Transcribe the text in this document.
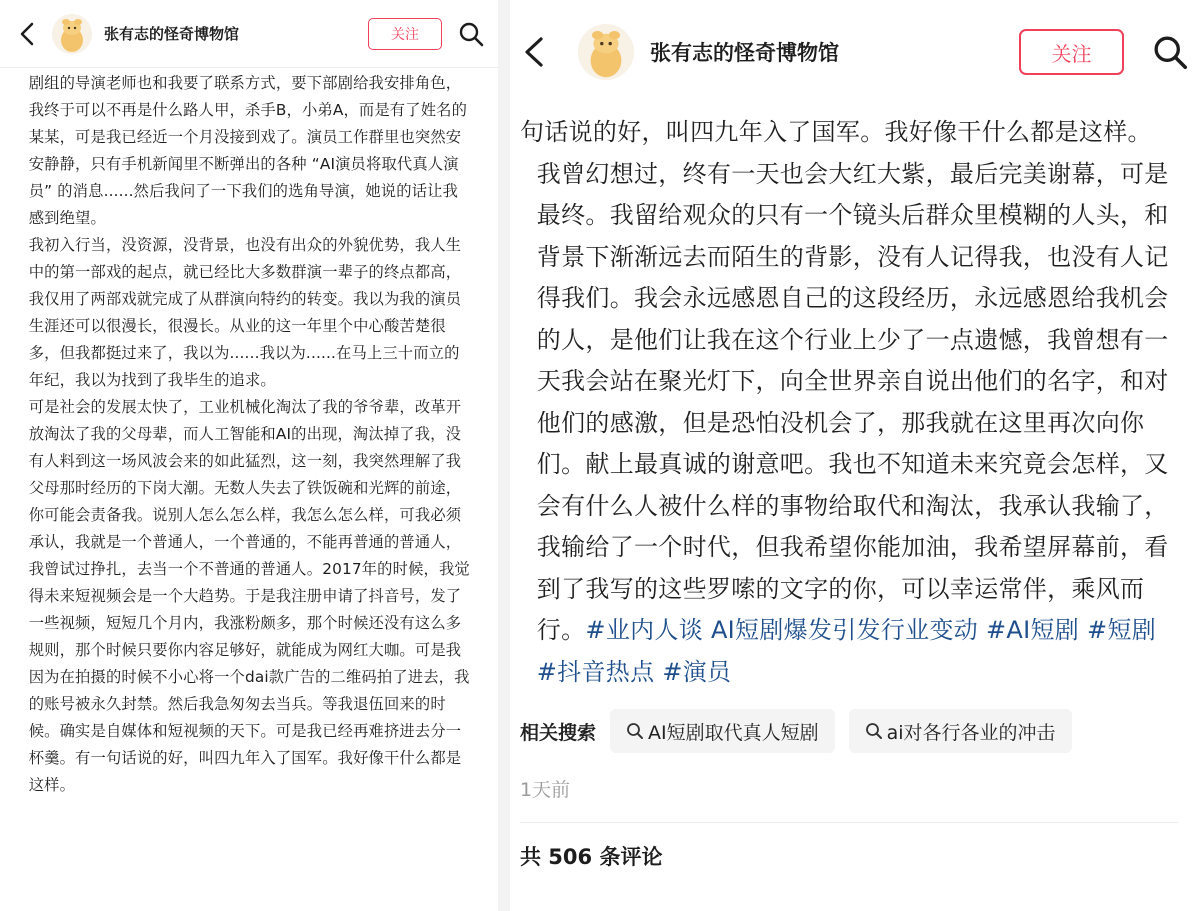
张有志的怪奇博物馆	关注

剧组的导演老师也和我要了联系方式，要下部剧给我安排角色，我终于可以不再是什么路人甲，杀手B，小弟A，而是有了姓名的某某，可是我已经近一个月没接到戏了。演员工作群里也突然安安静静，只有手机新闻里不断弹出的各种 “AI演员将取代真人演员” 的消息......然后我问了一下我们的选角导演，她说的话让我感到绝望。

我初入行当，没资源，没背景，也没有出众的外貌优势，我人生中的第一部戏的起点，就已经比大多数群演一辈子的终点都高，我仅用了两部戏就完成了从群演向特约的转变。我以为我的演员生涯还可以很漫长，很漫长。从业的这一年里个中心酸苦楚很多，但我都挺过来了，我以为......我以为......在马上三十而立的年纪，我以为找到了我毕生的追求。

可是社会的发展太快了，工业机械化淘汰了我的爷爷辈，改革开放淘汰了我的父母辈，而人工智能和AI的出现，淘汰掉了我，没有人料到这一场风波会来的如此猛烈，这一刻，我突然理解了我父母那时经历的下岗大潮。无数人失去了铁饭碗和光辉的前途，你可能会责备我。说别人怎么怎么样，我怎么怎么样，可我必须承认，我就是一个普通人，一个普通的，不能再普通的普通人，我曾试过挣扎，去当一个不普通的普通人。2017年的时候，我觉得未来短视频会是一个大趋势。于是我注册申请了抖音号，发了一些视频，短短几个月内，我涨粉颇多，那个时候还没有这么多规则，那个时候只要你内容足够好，就能成为网红大咖。可是我因为在拍摄的时候不小心将一个dai款广告的二维码拍了进去，我的账号被永久封禁。然后我急匆匆去当兵。等我退伍回来的时候。确实是自媒体和短视频的天下。可是我已经再难挤进去分一杯羹。有一句话说的好，叫四九年入了国军。我好像干什么都是这样。

张有志的怪奇博物馆	关注

句话说的好，叫四九年入了国军。我好像干什么都是这样。

我曾幻想过，终有一天也会大红大紫，最后完美谢幕，可是最终。我留给观众的只有一个镜头后群众里模糊的人头，和背景下渐渐远去而陌生的背影，没有人记得我，也没有人记得我们。我会永远感恩自己的这段经历，永远感恩给我机会的人，是他们让我在这个行业上少了一点遗憾，我曾想有一天我会站在聚光灯下，向全世界亲自说出他们的名字，和对他们的感激，但是恐怕没机会了，那我就在这里再次向你们。献上最真诚的谢意吧。我也不知道未来究竟会怎样，又会有什么人被什么样的事物给取代和淘汰，我承认我输了，我输给了一个时代，但我希望你能加油，我希望屏幕前，看到了我写的这些罗嗦的文字的你，可以幸运常伴，乘风而行。#业内人谈 AI短剧爆发引发行业变动 #AI短剧 #短剧 #抖音热点 #演员

相关搜索	AI短剧取代真人短剧	ai对各行各业的冲击
1天前
共 506 条评论
